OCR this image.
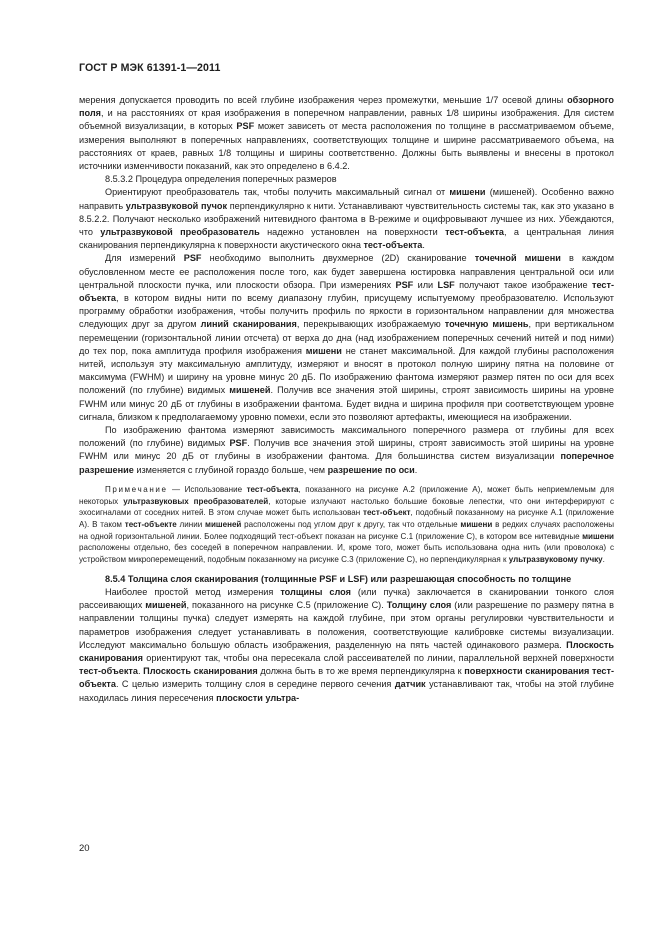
ГОСТ Р МЭК 61391-1—2011

мерения допускается проводить по всей глубине изображения через промежутки, меньшие 1/7 осевой длины обзорного поля, и на расстояниях от края изображения в поперечном направлении, равных 1/8 ширины изображения. Для систем объемной визуализации, в которых PSF может зависеть от места расположения по толщине в рассматриваемом объеме, измерения выполняют в поперечных направлениях, соответствующих толщине и ширине рассматриваемого объема, на расстояниях от краев, равных 1/8 толщины и ширины соответственно. Должны быть выявлены и внесены в протокол источники изменчивости показаний, как это определено в 6.4.2.

8.5.3.2 Процедура определения поперечных размеров

Ориентируют преобразователь так, чтобы получить максимальный сигнал от мишени (мишеней). Особенно важно направить ультразвуковой пучок перпендикулярно к нити. Устанавливают чувствительность системы так, как это указано в 8.5.2.2. Получают несколько изображений нитевидного фантома в В-режиме и оцифровывают лучшее из них. Убеждаются, что ультразвуковой преобразователь надежно установлен на поверхности тест-объекта, а центральная линия сканирования перпендикулярна к поверхности акустического окна тест-объекта.

Для измерений PSF необходимо выполнить двухмерное (2D) сканирование точечной мишени в каждом обусловленном месте ее расположения после того, как будет завершена юстировка направления центральной оси или центральной плоскости пучка, или плоскости обзора. При измерениях PSF или LSF получают такое изображение тест-объекта, в котором видны нити по всему диапазону глубин, присущему испытуемому преобразователю. Используют программу обработки изображения, чтобы получить профиль по яркости в горизонтальном направлении для множества следующих друг за другом линий сканирования, перекрывающих изображаемую точечную мишень, при вертикальном перемещении (горизонтальной линии отсчета) от верха до дна (над изображением поперечных сечений нитей и под ними) до тех пор, пока амплитуда профиля изображения мишени не станет максимальной. Для каждой глубины расположения нитей, используя эту максимальную амплитуду, измеряют и вносят в протокол полную ширину пятна на половине от максимума (FWHM) и ширину на уровне минус 20 дБ. По изображению фантома измеряют размер пятен по оси для всех положений (по глубине) видимых мишеней. Получив все значения этой ширины, строят зависимость ширины на уровне FWHM или минус 20 дБ от глубины в изображении фантома. Будет видна и ширина профиля при соответствующем уровне сигнала, близком к предполагаемому уровню помехи, если это позволяют артефакты, имеющиеся на изображении.

По изображению фантома измеряют зависимость максимального поперечного размера от глубины для всех положений (по глубине) видимых PSF. Получив все значения этой ширины, строят зависимость этой ширины на уровне FWHM или минус 20 дБ от глубины в изображении фантома. Для большинства систем визуализации поперечное разрешение изменяется с глубиной гораздо больше, чем разрешение по оси.

Примечание — Использование тест-объекта, показанного на рисунке А.2 (приложение А), может быть неприемлемым для некоторых ультразвуковых преобразователей, которые излучают настолько большие боковые лепестки, что они интерферируют с эхосигналами от соседних нитей. В этом случае может быть использован тест-объект, подобный показанному на рисунке А.1 (приложение А). В таком тест-объекте линии мишеней расположены под углом друг к другу, так что отдельные мишени в редких случаях расположены на одной горизонтальной линии. Более подходящий тест-объект показан на рисунке С.1 (приложение С), в котором все нитевидные мишени расположены отдельно, без соседей в поперечном направлении. И, кроме того, может быть использована одна нить (или проволока) с устройством микроперемещений, подобным показанному на рисунке С.3 (приложение С), но перпендикулярная к ультразвуковому пучку.

8.5.4 Толщина слоя сканирования (толщинные PSF и LSF) или разрешающая способность по толщине

Наиболее простой метод измерения толщины слоя (или пучка) заключается в сканировании тонкого слоя рассеивающих мишеней, показанного на рисунке С.5 (приложение С). Толщину слоя (или разрешение по размеру пятна в направлении толщины пучка) следует измерять на каждой глубине, при этом органы регулировки чувствительности и параметров изображения следует устанавливать в положения, соответствующие калибровке системы визуализации. Исследуют максимально большую область изображения, разделенную на пять частей одинакового размера. Плоскость сканирования ориентируют так, чтобы она пересекала слой рассеивателей по линии, параллельной верхней поверхности тест-объекта. Плоскость сканирования должна быть в то же время перпендикулярна к поверхности сканирования тест-объекта. С целью измерить толщину слоя в середине первого сечения датчик устанавливают так, чтобы на этой глубине находилась линия пересечения плоскости ультра-

20
